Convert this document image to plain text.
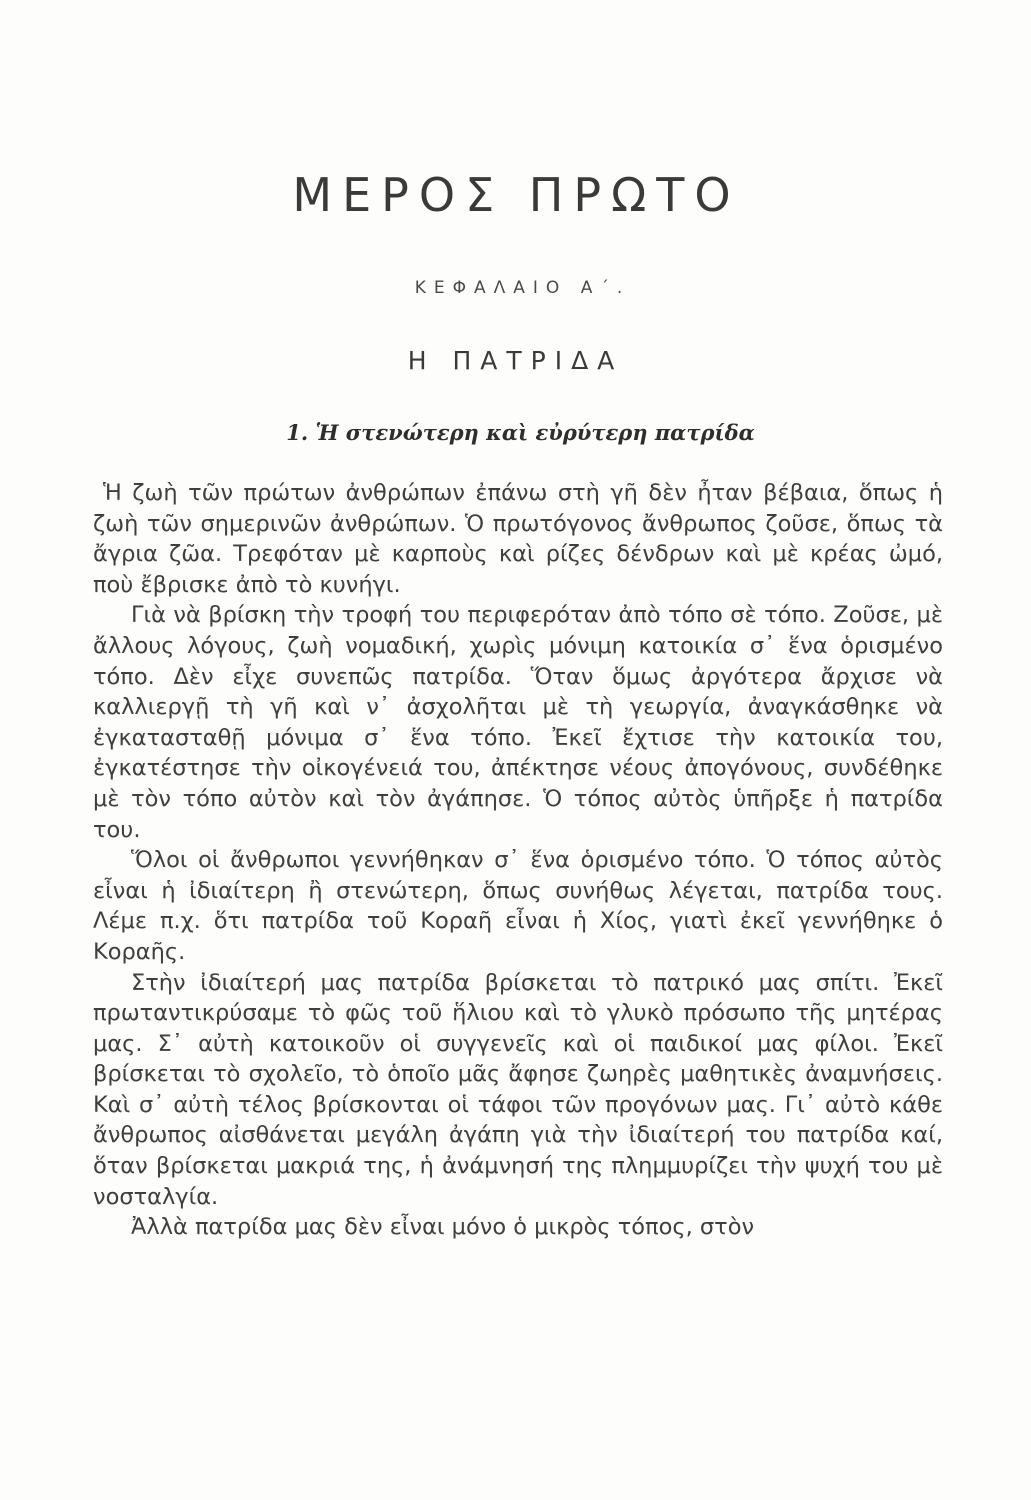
ΜΕΡΟΣ ΠΡΩΤΟ
ΚΕΦΑΛΑΙΟ Α΄.
Η ΠΑΤΡΙΔΑ
1. Ἡ στενώτερη καὶ εὐρύτερη πατρίδα

Ἡ ζωὴ τῶν πρώτων ἀνθρώπων ἐπάνω στὴ γῆ δὲν ἦταν βέβαια, ὅπως ἡ ζωὴ τῶν σημερινῶν ἀνθρώπων. Ὁ πρωτόγονος ἄνθρωπος ζοῦσε, ὅπως τὰ ἄγρια ζῶα. Τρεφόταν μὲ καρποὺς καὶ ρίζες δένδρων καὶ μὲ κρέας ὠμό, ποὺ ἔβρισκε ἀπὸ τὸ κυνήγι.

Γιὰ νὰ βρίσκη τὴν τροφή του περιφερόταν ἀπὸ τόπο σὲ τόπο. Ζοῦσε, μὲ ἄλλους λόγους, ζωὴ νομαδική, χωρὶς μόνιμη κατοικία σ᾽ ἕνα ὁρισμένο τόπο. Δὲν εἶχε συνεπῶς πατρίδα. Ὅταν ὅμως ἀργότερα ἄρχισε νὰ καλλιεργῇ τὴ γῆ καὶ ν᾽ ἀσχολῆται μὲ τὴ γεωργία, ἀναγκάσθηκε νὰ ἐγκατασταθῇ μόνιμα σ᾽ ἕνα τόπο. Ἐκεῖ ἔχτισε τὴν κατοικία του, ἐγκατέστησε τὴν οἰκογένειά του, ἀπέκτησε νέους ἀπογόνους, συνδέθηκε μὲ τὸν τόπο αὐτὸν καὶ τὸν ἀγάπησε. Ὁ τόπος αὐτὸς ὑπῆρξε ἡ πατρίδα του.

Ὅλοι οἱ ἄνθρωποι γεννήθηκαν σ᾽ ἕνα ὁρισμένο τόπο. Ὁ τόπος αὐτὸς εἶναι ἡ ἰδιαίτερη ἢ στενώτερη, ὅπως συνήθως λέγεται, πατρίδα τους. Λέμε π.χ. ὅτι πατρίδα τοῦ Κοραῆ εἶναι ἡ Χίος, γιατὶ ἐκεῖ γεννήθηκε ὁ Κοραῆς.

Στὴν ἰδιαίτερή μας πατρίδα βρίσκεται τὸ πατρικό μας σπίτι. Ἐκεῖ πρωταντικρύσαμε τὸ φῶς τοῦ ἥλιου καὶ τὸ γλυκὸ πρόσωπο τῆς μητέρας μας. Σ᾽ αὐτὴ κατοικοῦν οἱ συγγενεῖς καὶ οἱ παιδικοί μας φίλοι. Ἐκεῖ βρίσκεται τὸ σχολεῖο, τὸ ὁποῖο μᾶς ἄφησε ζωηρὲς μαθητικὲς ἀναμνήσεις. Καὶ σ᾽ αὐτὴ τέλος βρίσκονται οἱ τάφοι τῶν προγόνων μας. Γι᾽ αὐτὸ κάθε ἄνθρωπος αἰσθάνεται μεγάλη ἀγάπη γιὰ τὴν ἰδιαίτερή του πατρίδα καί, ὅταν βρίσκεται μακριά της, ἡ ἀνάμνησή της πλημμυρίζει τὴν ψυχή του μὲ νοσταλγία.

Ἀλλὰ πατρίδα μας δὲν εἶναι μόνο ὁ μικρὸς τόπος, στὸν
